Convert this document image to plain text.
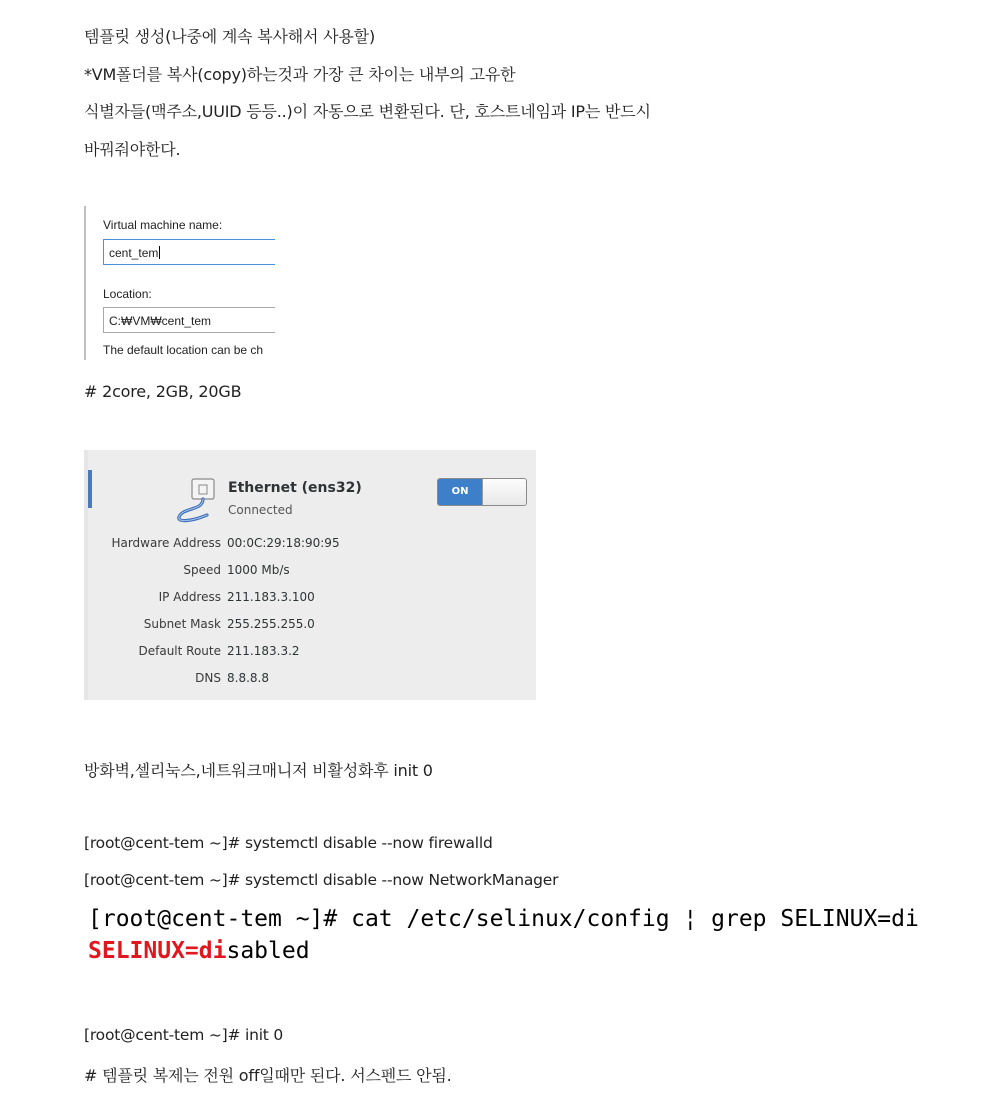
템플릿 생성(나중에 계속 복사해서 사용할)
*VM폴더를 복사(copy)하는것과 가장 큰 차이는 내부의 고유한
식별자들(맥주소,UUID 등등..)이 자동으로 변환된다. 단, 호스트네임과 IP는 반드시
바꿔줘야한다.
Virtual machine name:
cent_tem
Location:
C:₩VM₩cent_tem
The default location can be ch
# 2core, 2GB, 20GB
Ethernet (ens32)
Connected
ON
Hardware Address 00:0C:29:18:90:95
Speed 1000 Mb/s
IP Address 211.183.3.100
Subnet Mask 255.255.255.0
Default Route 211.183.3.2
DNS 8.8.8.8
방화벽,셀리눅스,네트워크매니저 비활성화후 init 0
[root@cent-tem ~]# systemctl disable --now firewalld
[root@cent-tem ~]# systemctl disable --now NetworkManager
[root@cent-tem ~]# cat /etc/selinux/config ¦ grep SELINUX=di
SELINUX=disabled
[root@cent-tem ~]# init 0
# 템플릿 복제는 전원 off일때만 된다. 서스펜드 안됨.
